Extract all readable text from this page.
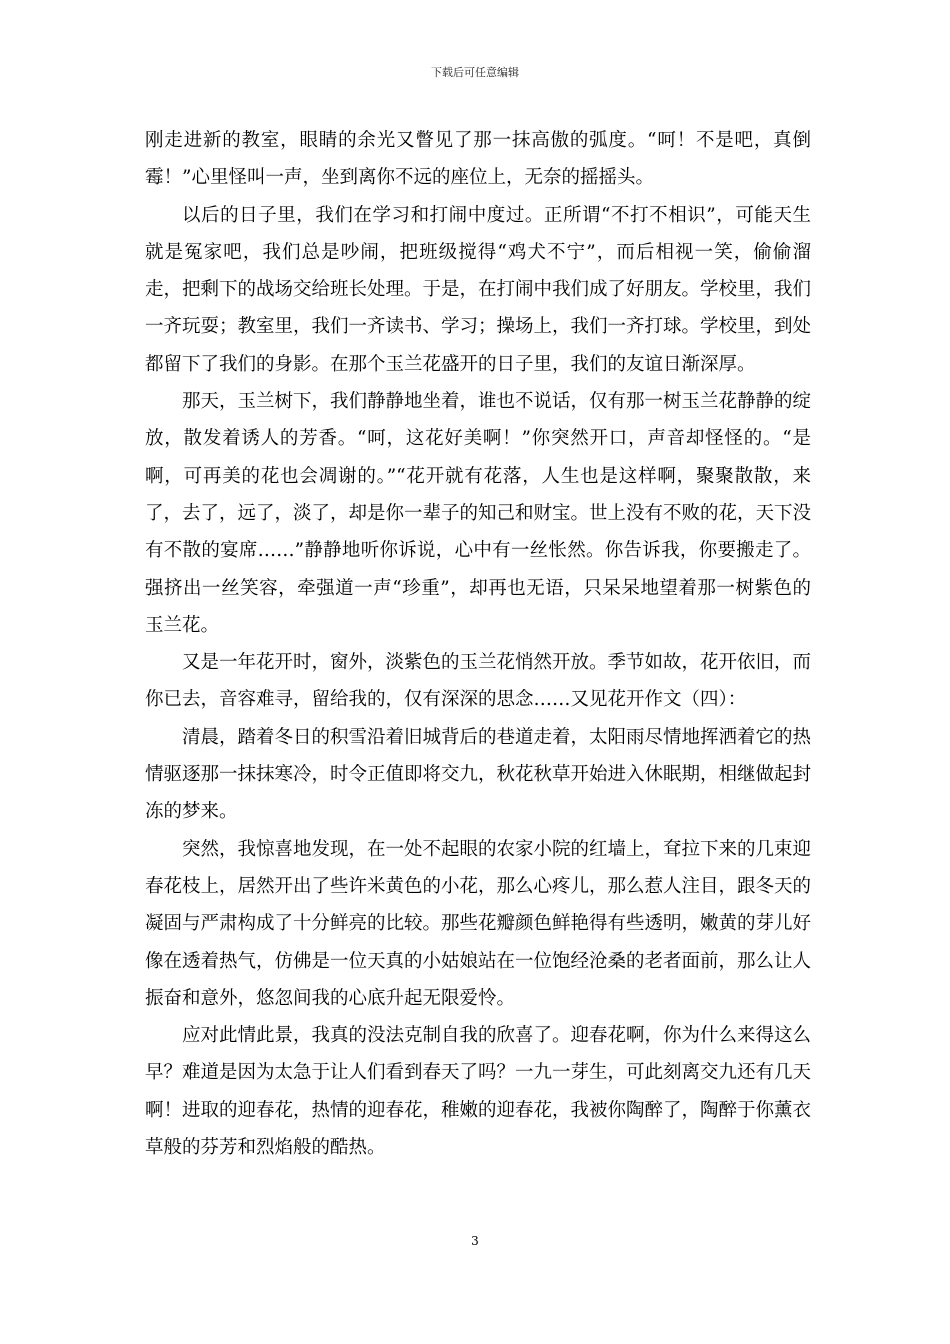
下载后可任意编辑

刚走进新的教室，眼睛的余光又瞥见了那一抹高傲的弧度。“呵！不是吧，真倒霉！”心里怪叫一声，坐到离你不远的座位上，无奈的摇摇头。

以后的日子里，我们在学习和打闹中度过。正所谓“不打不相识”，可能天生就是冤家吧，我们总是吵闹，把班级搅得“鸡犬不宁”，而后相视一笑，偷偷溜走，把剩下的战场交给班长处理。于是，在打闹中我们成了好朋友。学校里，我们一齐玩耍；教室里，我们一齐读书、学习；操场上，我们一齐打球。学校里，到处都留下了我们的身影。在那个玉兰花盛开的日子里，我们的友谊日渐深厚。

那天，玉兰树下，我们静静地坐着，谁也不说话，仅有那一树玉兰花静静的绽放，散发着诱人的芳香。“呵，这花好美啊！”你突然开口，声音却怪怪的。“是啊，可再美的花也会凋谢的。”“花开就有花落，人生也是这样啊，聚聚散散，来了，去了，远了，淡了，却是你一辈子的知己和财宝。世上没有不败的花，天下没有不散的宴席……”静静地听你诉说，心中有一丝怅然。你告诉我，你要搬走了。强挤出一丝笑容，牵强道一声“珍重”，却再也无语，只呆呆地望着那一树紫色的玉兰花。

又是一年花开时，窗外，淡紫色的玉兰花悄然开放。季节如故，花开依旧，而你已去，音容难寻，留给我的，仅有深深的思念……又见花开作文（四）：

清晨，踏着冬日的积雪沿着旧城背后的巷道走着，太阳雨尽情地挥洒着它的热情驱逐那一抹抹寒冷，时令正值即将交九，秋花秋草开始进入休眠期，相继做起封冻的梦来。

突然，我惊喜地发现，在一处不起眼的农家小院的红墙上，耷拉下来的几束迎春花枝上，居然开出了些许米黄色的小花，那么心疼儿，那么惹人注目，跟冬天的凝固与严肃构成了十分鲜亮的比较。那些花瓣颜色鲜艳得有些透明，嫩黄的芽儿好像在透着热气，仿佛是一位天真的小姑娘站在一位饱经沧桑的老者面前，那么让人振奋和意外，悠忽间我的心底升起无限爱怜。

应对此情此景，我真的没法克制自我的欣喜了。迎春花啊，你为什么来得这么早？难道是因为太急于让人们看到春天了吗？一九一芽生，可此刻离交九还有几天啊！进取的迎春花，热情的迎春花，稚嫩的迎春花，我被你陶醉了，陶醉于你薰衣草般的芬芳和烈焰般的酷热。

3
